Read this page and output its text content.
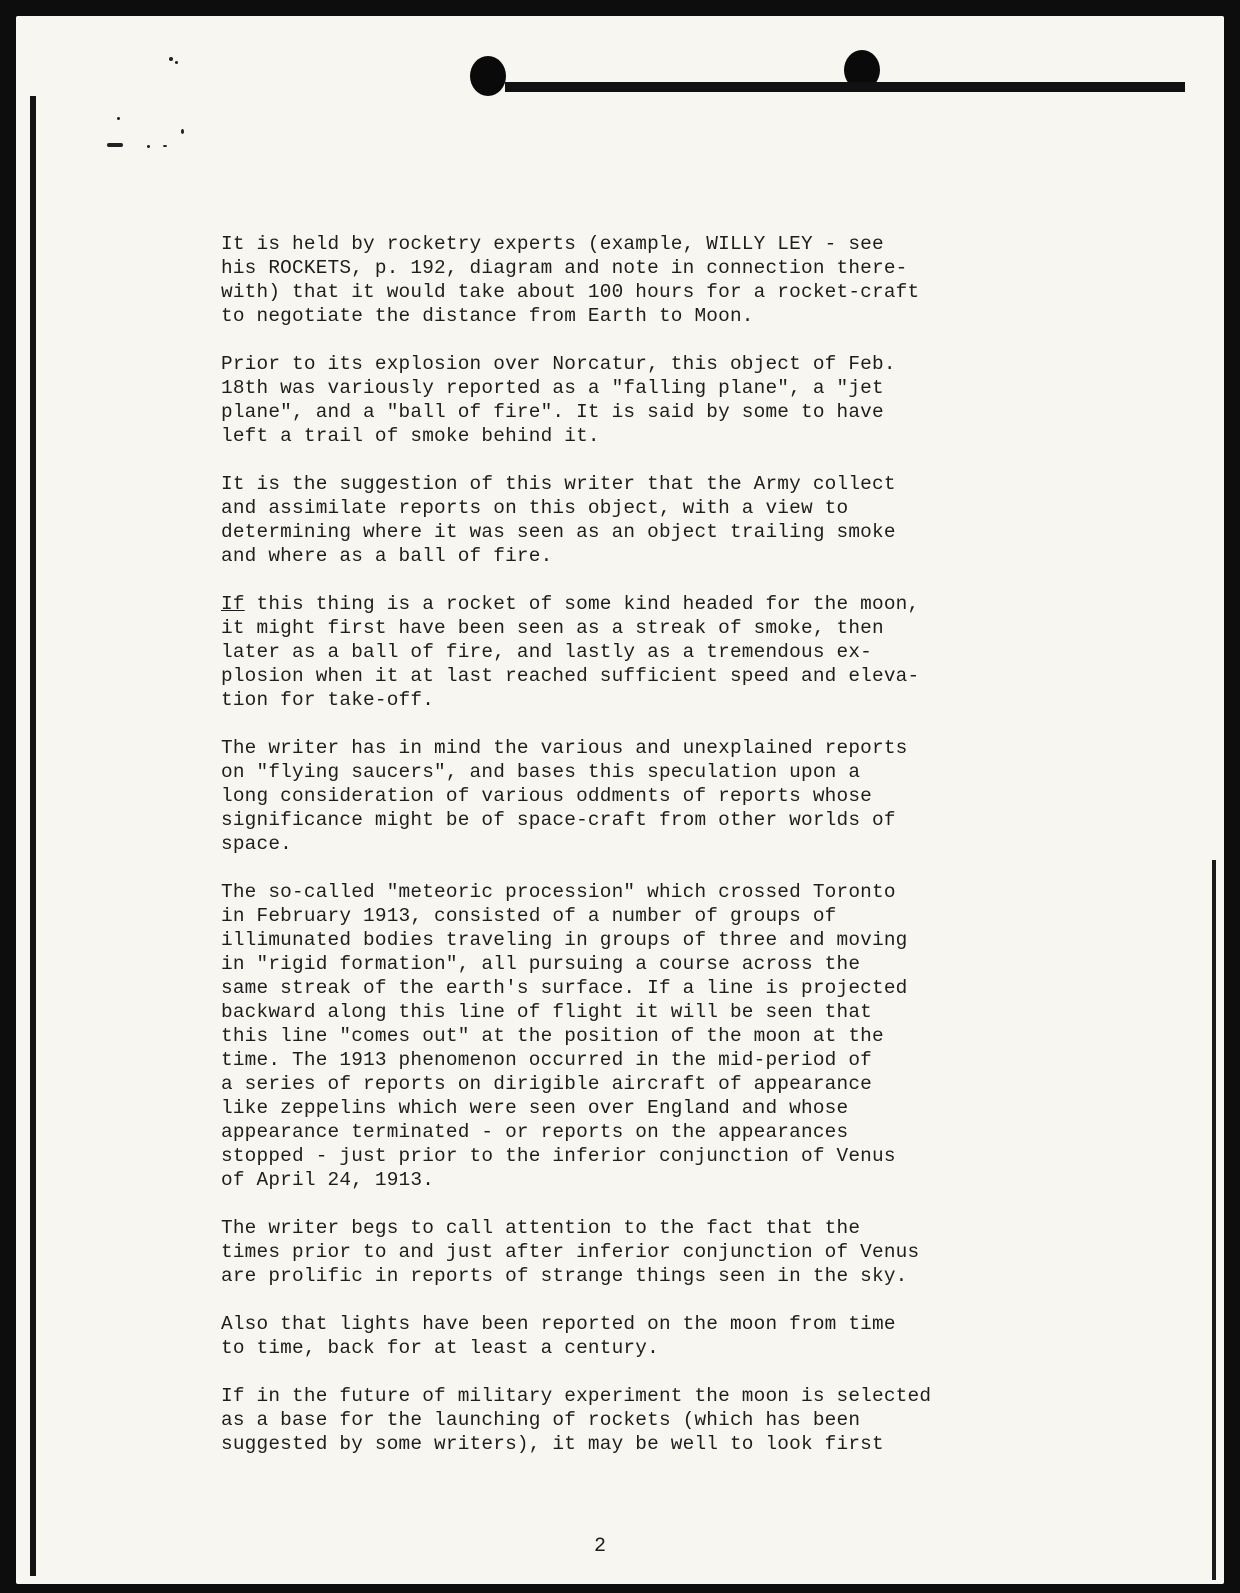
It is held by rocketry experts (example, WILLY LEY - see
his ROCKETS, p. 192, diagram and note in connection there-
with) that it would take about 100 hours for a rocket-craft
to negotiate the distance from Earth to Moon.
Prior to its explosion over Norcatur, this object of Feb.
18th was variously reported as a "falling plane", a "jet
plane", and a "ball of fire". It is said by some to have
left a trail of smoke behind it.
It is the suggestion of this writer that the Army collect
and assimilate reports on this object, with a view to
determining where it was seen as an object trailing smoke
and where as a ball of fire.
If this thing is a rocket of some kind headed for the moon,
it might first have been seen as a streak of smoke, then
later as a ball of fire, and lastly as a tremendous ex-
plosion when it at last reached sufficient speed and eleva-
tion for take-off.
The writer has in mind the various and unexplained reports
on "flying saucers", and bases this speculation upon a
long consideration of various oddments of reports whose
significance might be of space-craft from other worlds of
space.
The so-called "meteoric procession" which crossed Toronto
in February 1913, consisted of a number of groups of
illimunated bodies traveling in groups of three and moving
in "rigid formation", all pursuing a course across the
same streak of the earth's surface. If a line is projected
backward along this line of flight it will be seen that
this line "comes out" at the position of the moon at the
time. The 1913 phenomenon occurred in the mid-period of
a series of reports on dirigible aircraft of appearance
like zeppelins which were seen over England and whose
appearance terminated - or reports on the appearances
stopped - just prior to the inferior conjunction of Venus
of April 24, 1913.
The writer begs to call attention to the fact that the
times prior to and just after inferior conjunction of Venus
are prolific in reports of strange things seen in the sky.
Also that lights have been reported on the moon from time
to time, back for at least a century.
If in the future of military experiment the moon is selected
as a base for the launching of rockets (which has been
suggested by some writers), it may be well to look first
2
